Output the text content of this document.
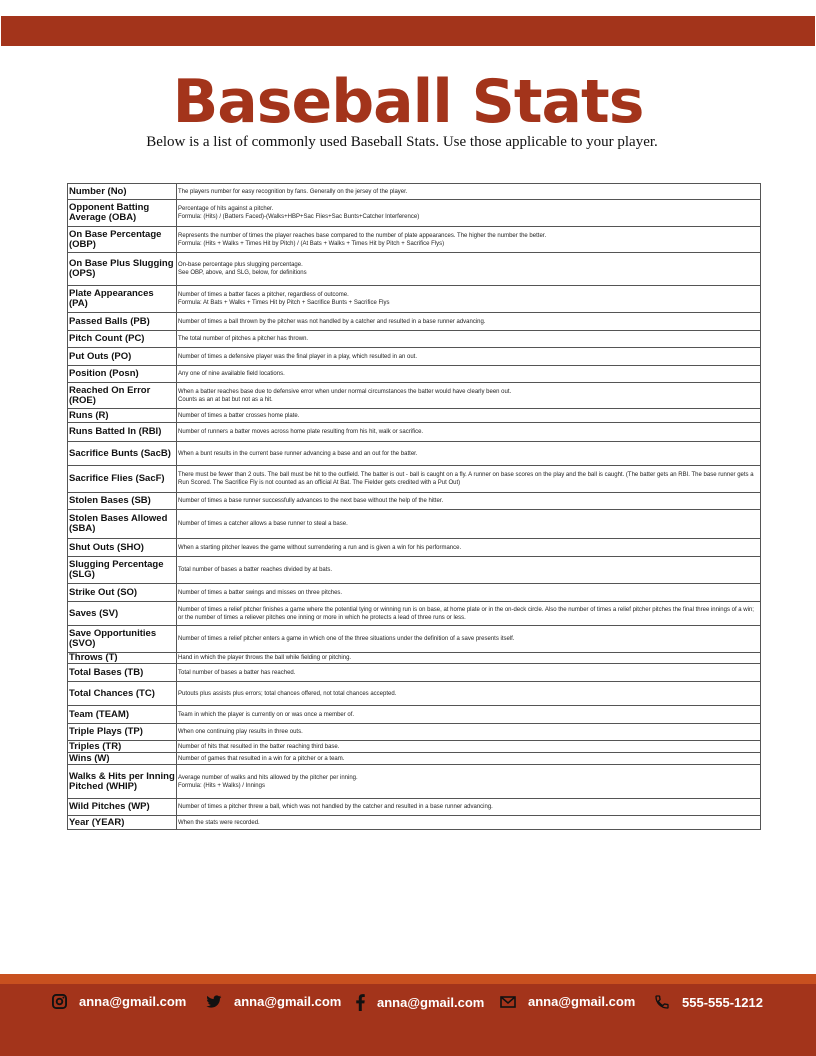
Baseball Stats
Below is a list of commonly used Baseball Stats. Use those applicable to your player.
Number (No)	The players number for easy recognition by fans. Generally on the jersey of the player.
Opponent Batting Average (OBA)	Percentage of hits against a pitcher.
Formula: (Hits) / (Batters Faced)-(Walks+HBP+Sac Flies+Sac Bunts+Catcher Interference)
On Base Percentage (OBP)	Represents the number of times the player reaches base compared to the number of plate appearances. The higher the number the better.
Formula: (Hits + Walks + Times Hit by Pitch) / (At Bats + Walks + Times Hit by Pitch + Sacrifice Flys)
On Base Plus Slugging (OPS)	On-base percentage plus slugging percentage.
See OBP, above, and SLG, below, for definitions
Plate Appearances (PA)	Number of times a batter faces a pitcher, regardless of outcome.
Formula: At Bats + Walks + Times Hit by Pitch + Sacrifice Bunts + Sacrifice Flys
Passed Balls (PB)	Number of times a ball thrown by the pitcher was not handled by a catcher and resulted in a base runner advancing.
Pitch Count (PC)	The total number of pitches a pitcher has thrown.
Put Outs (PO)	Number of times a defensive player was the final player in a play, which resulted in an out.
Position (Posn)	Any one of nine available field locations.
Reached On Error (ROE)	When a batter reaches base due to defensive error when under normal circumstances the batter would have clearly been out.
Counts as an at bat but not as a hit.
Runs (R)	Number of times a batter crosses home plate.
Runs Batted In (RBI)	Number of runners a batter moves across home plate resulting from his hit, walk or sacrifice.
Sacrifice Bunts (SacB)	When a bunt results in the current base runner advancing a base and an out for the batter.
Sacrifice Flies (SacF)	There must be fewer than 2 outs. The ball must be hit to the outfield. The batter is out - ball is caught on a fly. A runner on base scores on the play and the ball is caught. (The batter gets an RBI. The base runner gets a Run Scored. The Sacrifice Fly is not counted as an official At Bat. The Fielder gets credited with a Put Out)
Stolen Bases (SB)	Number of times a base runner successfully advances to the next base without the help of the hitter.
Stolen Bases Allowed (SBA)	Number of times a catcher allows a base runner to steal a base.
Shut Outs (SHO)	When a starting pitcher leaves the game without surrendering a run and is given a win for his performance.
Slugging Percentage (SLG)	Total number of bases a batter reaches divided by at bats.
Strike Out (SO)	Number of times a batter swings and misses on three pitches.
Saves (SV)	Number of times a relief pitcher finishes a game where the potential tying or winning run is on base, at home plate or in the on-deck circle. Also the number of times a relief pitcher pitches the final three innings of a win; or the number of times a reliever pitches one inning or more in which he protects a lead of three runs or less.
Save Opportunities (SVO)	Number of times a relief pitcher enters a game in which one of the three situations under the definition of a save presents itself.
Throws (T)	Hand in which the player throws the ball while fielding or pitching.
Total Bases (TB)	Total number of bases a batter has reached.
Total Chances (TC)	Putouts plus assists plus errors; total chances offered, not total chances accepted.
Team (TEAM)	Team in which the player is currently on or was once a member of.
Triple Plays (TP)	When one continuing play results in three outs.
Triples (TR)	Number of hits that resulted in the batter reaching third base.
Wins (W)	Number of games that resulted in a win for a pitcher or a team.
Walks & Hits per Inning Pitched (WHIP)	Average number of walks and hits allowed by the pitcher per inning.
Formula: (Hits + Walks) / Innings
Wild Pitches (WP)	Number of times a pitcher threw a ball, which was not handled by the catcher and resulted in a base runner advancing.
Year (YEAR)	When the stats were recorded.
anna@gmail.com	anna@gmail.com	anna@gmail.com	anna@gmail.com	555-555-1212
